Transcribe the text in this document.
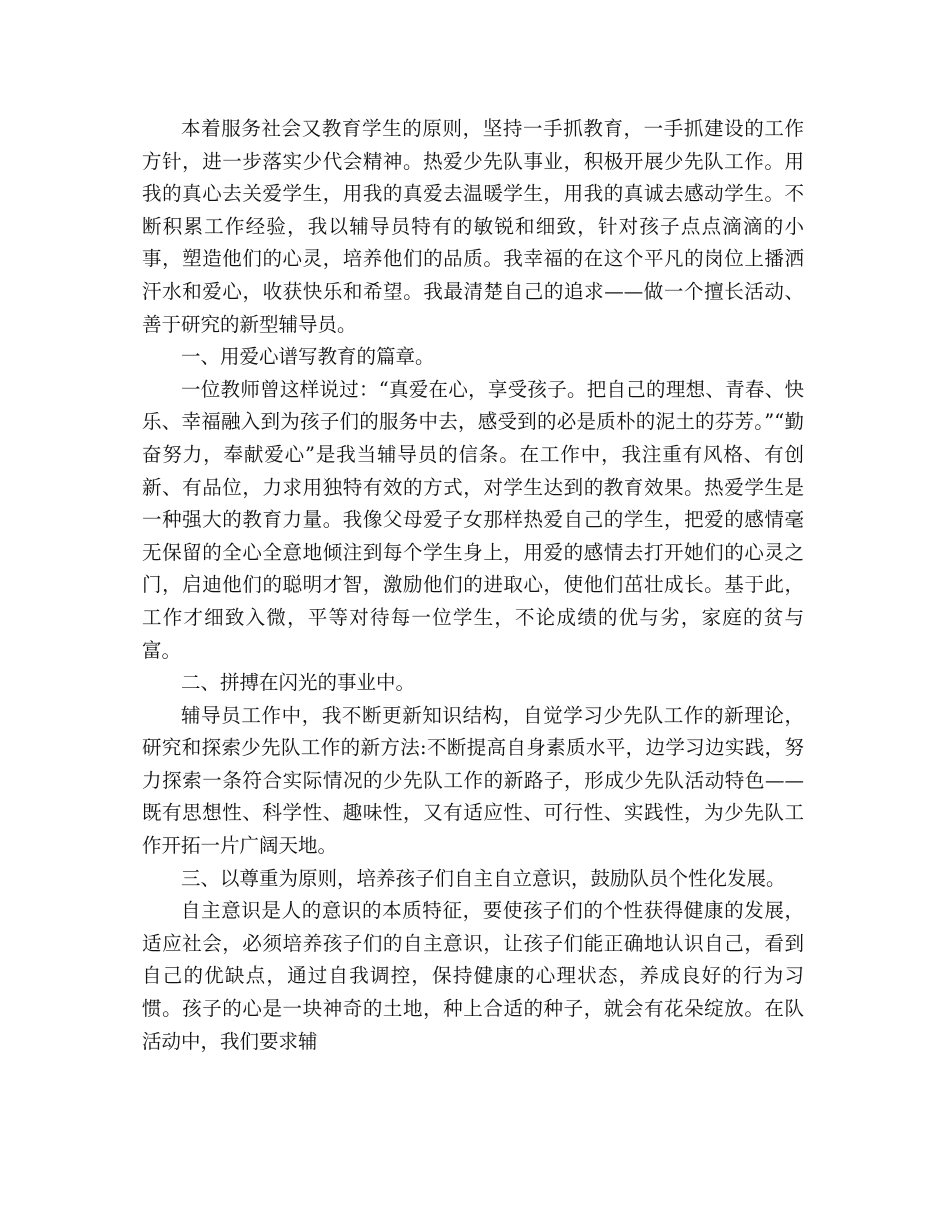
本着服务社会又教育学生的原则，坚持一手抓教育，一手抓建设的工作方针，进一步落实少代会精神。热爱少先队事业，积极开展少先队工作。用我的真心去关爱学生，用我的真爱去温暖学生，用我的真诚去感动学生。不断积累工作经验，我以辅导员特有的敏锐和细致，针对孩子点点滴滴的小事，塑造他们的心灵，培养他们的品质。我幸福的在这个平凡的岗位上播洒汗水和爱心，收获快乐和希望。我最清楚自己的追求——做一个擅长活动、善于研究的新型辅导员。

一、用爱心谱写教育的篇章。

一位教师曾这样说过：“真爱在心，享受孩子。把自己的理想、青春、快乐、幸福融入到为孩子们的服务中去，感受到的必是质朴的泥土的芬芳。”“勤奋努力，奉献爱心”是我当辅导员的信条。在工作中，我注重有风格、有创新、有品位，力求用独特有效的方式，对学生达到的教育效果。热爱学生是一种强大的教育力量。我像父母爱子女那样热爱自己的学生，把爱的感情毫无保留的全心全意地倾注到每个学生身上，用爱的感情去打开她们的心灵之门，启迪他们的聪明才智，激励他们的进取心，使他们茁壮成长。基于此，工作才细致入微，平等对待每一位学生，不论成绩的优与劣，家庭的贫与富。

二、拼搏在闪光的事业中。

辅导员工作中，我不断更新知识结构，自觉学习少先队工作的新理论，研究和探索少先队工作的新方法:不断提高自身素质水平，边学习边实践，努力探索一条符合实际情况的少先队工作的新路子，形成少先队活动特色——既有思想性、科学性、趣味性，又有适应性、可行性、实践性，为少先队工作开拓一片广阔天地。

三、以尊重为原则，培养孩子们自主自立意识，鼓励队员个性化发展。

自主意识是人的意识的本质特征，要使孩子们的个性获得健康的发展，适应社会，必须培养孩子们的自主意识，让孩子们能正确地认识自己，看到自己的优缺点，通过自我调控，保持健康的心理状态，养成良好的行为习惯。孩子的心是一块神奇的土地，种上合适的种子，就会有花朵绽放。在队活动中，我们要求辅
